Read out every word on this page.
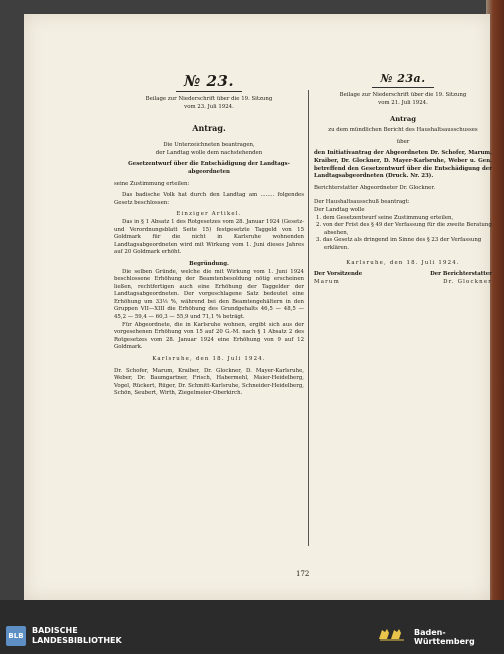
№ 23.
Beilage zur Niederschrift über die 19. Sitzung
vom 23. Juli 1924.
Antrag.
Die Unterzeichneten beantragen,
der Landtag wolle dem nachstehenden
Gesetzentwurf über die Entschädigung der Landtags-abgeordneten
seine Zustimmung erteilen:
Das badische Volk hat durch den Landtag am ........ folgendes Gesetz beschlossen:
Einziger Artikel.
Das in § 1 Absatz 1 des Rotgesetzes vom 28. Januar 1924 (Gesetz- und Verordnungsblatt Seite 15) festgesetzte Taggeld von 15 Goldmark für die nicht in Karlsruhe wohnenden Landtagsabgeordneten wird mit Wirkung vom 1. Juni dieses Jahres auf 20 Goldmark erhöht.
Begründung.
Die selben Gründe, welche die mit Wirkung vom 1. Juni 1924 beschlossene Erhöhung der Beamtenbesoldung nötig erscheinen ließen, rechtfertigen auch eine Erhöhung der Taggelder der Landtagsabgeordneten. Der vorgeschlagene Satz bedeutet eine Erhöhung um 33⅓ %, während bei den Beamtengehältern in den Gruppen VII—XIII die Erhöhung des Grundgehalts 46,5 — 48,5 — 45,2 — 59,4 — 60,3 — 55,9 und 71,1 % beträgt.
Für Abgeordnete, die in Karlsruhe wohnen, ergibt sich aus der vorgesehenen Erhöhung von 15 auf 20 G.-M. nach § 1 Absatz 2 des Rotgesetzes vom 28. Januar 1924 eine Erhöhung von 9 auf 12 Goldmark.
Karlsruhe, den 18. Juli 1924.
Dr. Schofer, Marum, Kraiber, Dr. Glockner, D. Mayer-Karlsruhe, Weber, Dr. Baumgartner, Frisch, Habermehl, Maier-Heidelberg, Vogel, Rückert, Rüger, Dr. Schmitt-Karlsruhe, Schneider-Heidelberg, Schön, Seubert, Wirth, Ziegelmeier-Oberkirch.
№ 23a.
Beilage zur Niederschrift über die 19. Sitzung
vom 21. Juli 1924.
Antrag
zu dem mündlichen Bericht des Haushaltsausschusses
über
den Initiativantrag der Abgeordneten Dr. Schofer, Marum, Kraiber, Dr. Glockner, D. Mayer-Karlsruhe, Weber u. Gen. betreffend den Gesetzentwurf über die Entschädigung der Landtagsabgeordneten (Druck. Nr. 23).
Berichterstatter Abgeordneter Dr. Glockner.
Der Haushaltsausschuß beantragt:
Der Landtag wolle
1. dem Gesetzentwurf seine Zustimmung erteilen,
2. von der Frist des § 49 der Verfassung für die zweite Beratung absehen,
3. das Gesetz als dringend im Sinne des § 23 der Verfassung erklären.
Karlsruhe, den 18. Juli 1924.
Der Vorsitzende
Marum
Der Berichterstatter
Dr. Glockner
172
BLB
BADISCHE
LANDESBIBLIOTHEK
Baden-Württemberg
